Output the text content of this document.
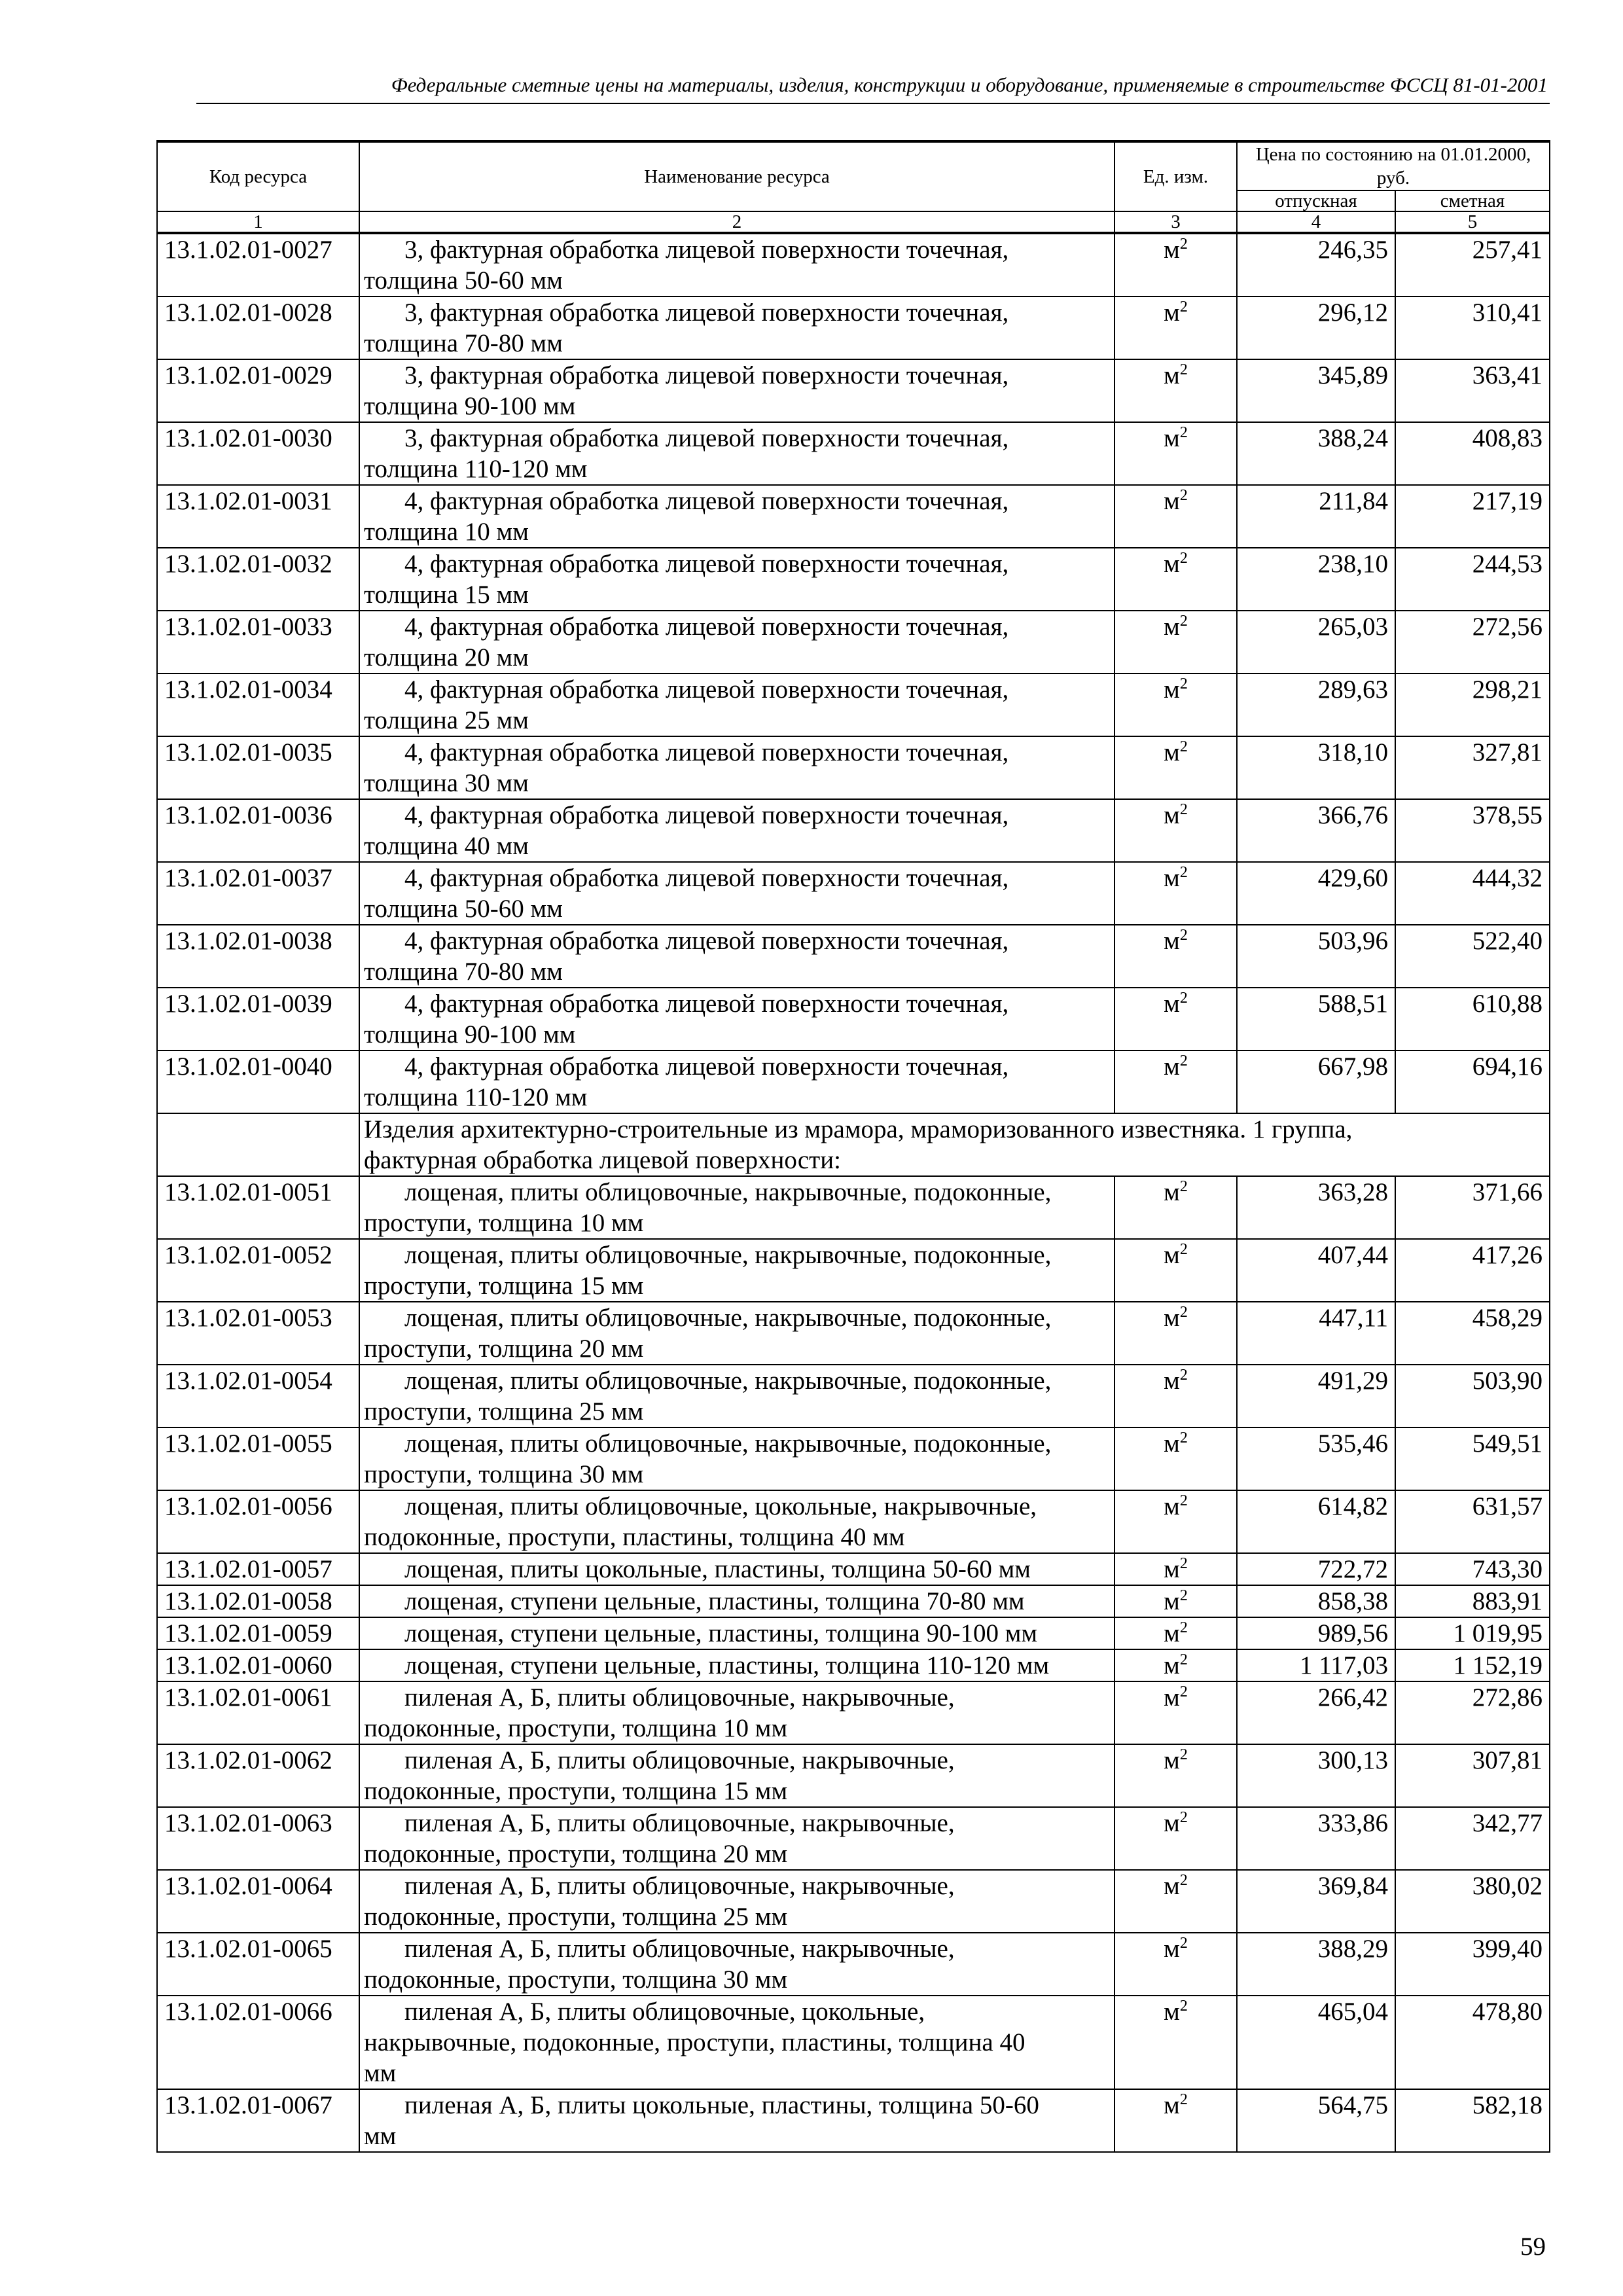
Федеральные сметные цены на материалы, изделия, конструкции и оборудование, применяемые в строительстве ФССЦ 81-01-2001
Код ресурса	Наименование ресурса	Ед. изм.	Цена по состоянию на 01.01.2000, руб.	
			отпускная	сметная
1	2	3	4	5
13.1.02.01-0027	3, фактурная обработка лицевой поверхности точечная,
толщина 50-60 мм	$м^2$	246,35	257,41
13.1.02.01-0028	3, фактурная обработка лицевой поверхности точечная,
толщина 70-80 мм	$м^2$	296,12	310,41
13.1.02.01-0029	3, фактурная обработка лицевой поверхности точечная,
толщина 90-100 мм	$м^2$	345,89	363,41
13.1.02.01-0030	3, фактурная обработка лицевой поверхности точечная,
толщина 110-120 мм	$м^2$	388,24	408,83
13.1.02.01-0031	4, фактурная обработка лицевой поверхности точечная,
толщина 10 мм	$м^2$	211,84	217,19
13.1.02.01-0032	4, фактурная обработка лицевой поверхности точечная,
толщина 15 мм	$м^2$	238,10	244,53
13.1.02.01-0033	4, фактурная обработка лицевой поверхности точечная,
толщина 20 мм	$м^2$	265,03	272,56
13.1.02.01-0034	4, фактурная обработка лицевой поверхности точечная,
толщина 25 мм	$м^2$	289,63	298,21
13.1.02.01-0035	4, фактурная обработка лицевой поверхности точечная,
толщина 30 мм	$м^2$	318,10	327,81
13.1.02.01-0036	4, фактурная обработка лицевой поверхности точечная,
толщина 40 мм	$м^2$	366,76	378,55
13.1.02.01-0037	4, фактурная обработка лицевой поверхности точечная,
толщина 50-60 мм	$м^2$	429,60	444,32
13.1.02.01-0038	4, фактурная обработка лицевой поверхности точечная,
толщина 70-80 мм	$м^2$	503,96	522,40
13.1.02.01-0039	4, фактурная обработка лицевой поверхности точечная,
толщина 90-100 мм	$м^2$	588,51	610,88
13.1.02.01-0040	4, фактурная обработка лицевой поверхности точечная,
толщина 110-120 мм	$м^2$	667,98	694,16

	Изделия архитектурно-строительные из мрамора, мраморизованного известняка. 1 группа,
фактурная обработка лицевой поверхности:			

13.1.02.01-0051	лощеная, плиты облицовочные, накрывочные, подоконные,
проступи, толщина 10 мм	$м^2$	363,28	371,66
13.1.02.01-0052	лощеная, плиты облицовочные, накрывочные, подоконные,
проступи, толщина 15 мм	$м^2$	407,44	417,26
13.1.02.01-0053	лощеная, плиты облицовочные, накрывочные, подоконные,
проступи, толщина 20 мм	$м^2$	447,11	458,29
13.1.02.01-0054	лощеная, плиты облицовочные, накрывочные, подоконные,
проступи, толщина 25 мм	$м^2$	491,29	503,90
13.1.02.01-0055	лощеная, плиты облицовочные, накрывочные, подоконные,
проступи, толщина 30 мм	$м^2$	535,46	549,51
13.1.02.01-0056	лощеная, плиты облицовочные, цокольные, накрывочные,
подоконные, проступи, пластины, толщина 40 мм	$м^2$	614,82	631,57
13.1.02.01-0057	лощеная, плиты цокольные, пластины, толщина 50-60 мм	$м^2$	722,72	743,30
13.1.02.01-0058	лощеная, ступени цельные, пластины, толщина 70-80 мм	$м^2$	858,38	883,91
13.1.02.01-0059	лощеная, ступени цельные, пластины, толщина 90-100 мм	$м^2$	989,56	1 019,95
13.1.02.01-0060	лощеная, ступени цельные, пластины, толщина 110-120 мм	$м^2$	1 117,03	1 152,19
13.1.02.01-0061	пиленая А, Б, плиты облицовочные, накрывочные,
подоконные, проступи, толщина 10 мм	$м^2$	266,42	272,86
13.1.02.01-0062	пиленая А, Б, плиты облицовочные, накрывочные,
подоконные, проступи, толщина 15 мм	$м^2$	300,13	307,81
13.1.02.01-0063	пиленая А, Б, плиты облицовочные, накрывочные,
подоконные, проступи, толщина 20 мм	$м^2$	333,86	342,77
13.1.02.01-0064	пиленая А, Б, плиты облицовочные, накрывочные,
подоконные, проступи, толщина 25 мм	$м^2$	369,84	380,02
13.1.02.01-0065	пиленая А, Б, плиты облицовочные, накрывочные,
подоконные, проступи, толщина 30 мм	$м^2$	388,29	399,40
13.1.02.01-0066	пиленая А, Б, плиты облицовочные, цокольные,
накрывочные, подоконные, проступи, пластины, толщина 40
мм	$м^2$	465,04	478,80
13.1.02.01-0067	пиленая А, Б, плиты цокольные, пластины, толщина 50-60
мм	$м^2$	564,75	582,18
59
